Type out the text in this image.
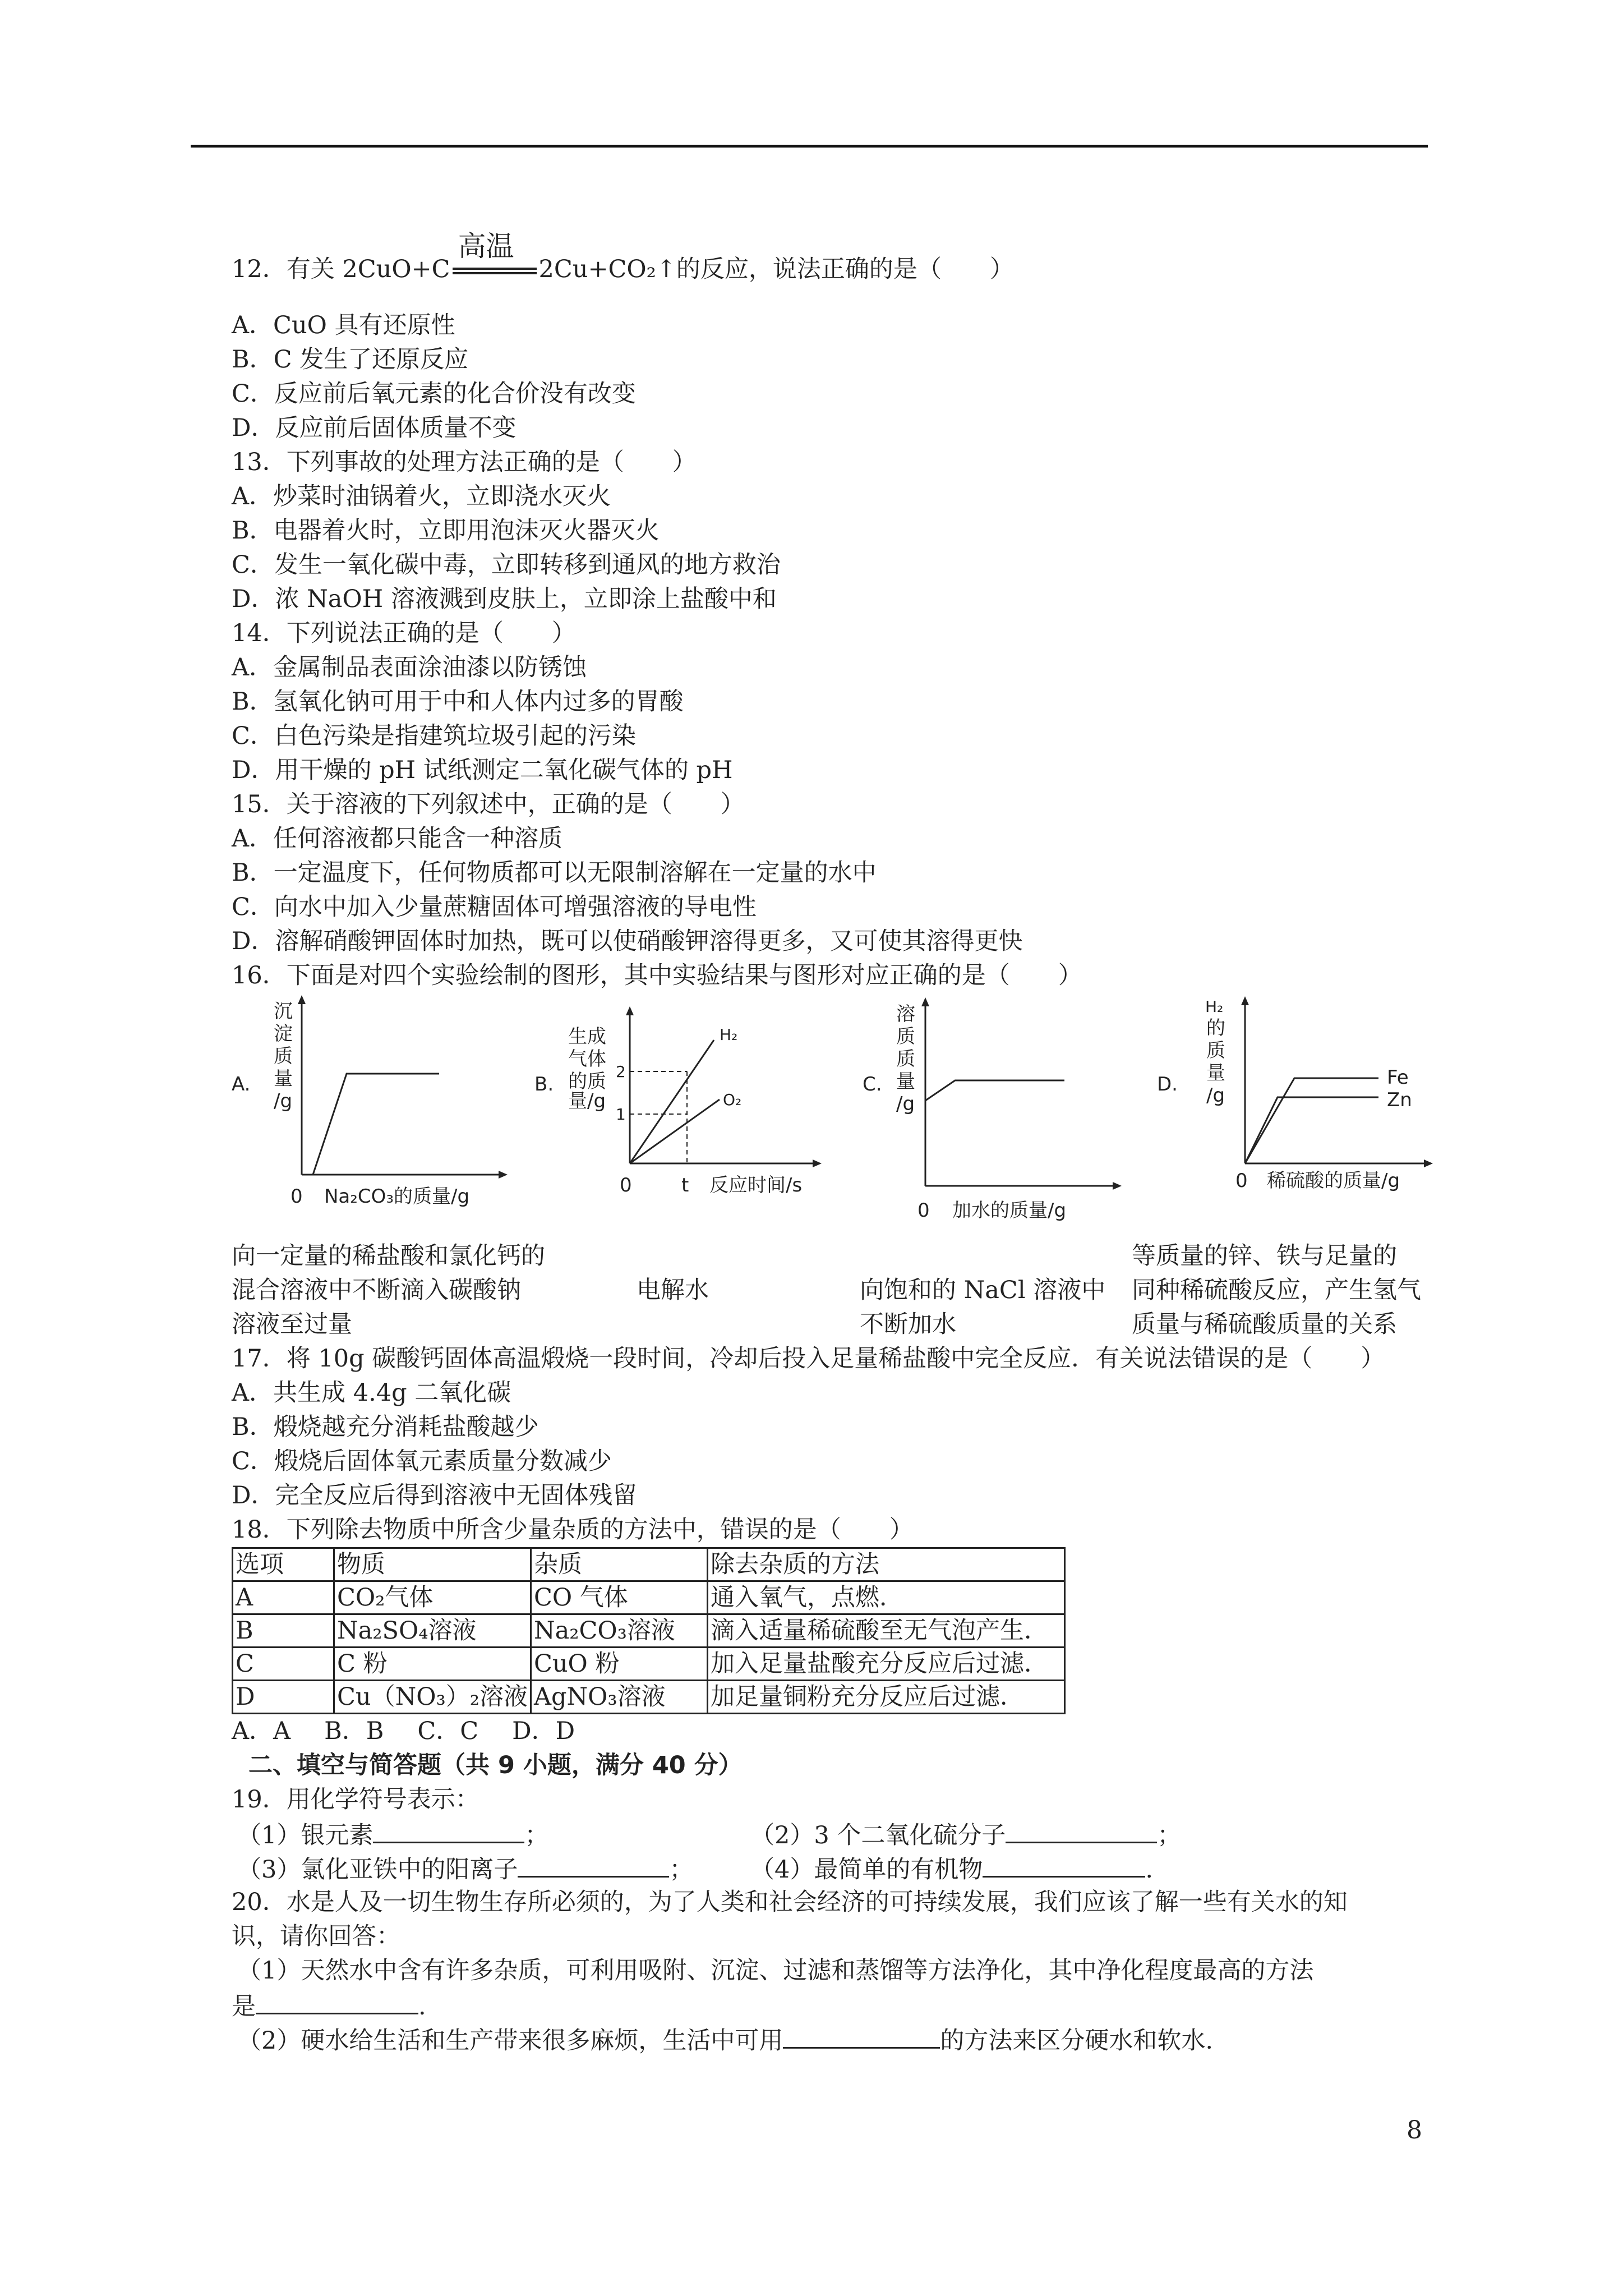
12．有关 2CuO+C
高温
2Cu+CO₂↑的反应，说法正确的是（　　）
A．CuO 具有还原性
B．C 发生了还原反应
C．反应前后氧元素的化合价没有改变
D．反应前后固体质量不变
13．下列事故的处理方法正确的是（　　）
A．炒菜时油锅着火，立即浇水灭火
B．电器着火时，立即用泡沫灭火器灭火
C．发生一氧化碳中毒，立即转移到通风的地方救治
D．浓 NaOH 溶液溅到皮肤上，立即涂上盐酸中和
14．下列说法正确的是（　　）
A．金属制品表面涂油漆以防锈蚀
B．氢氧化钠可用于中和人体内过多的胃酸
C．白色污染是指建筑垃圾引起的污染
D．用干燥的 pH 试纸测定二氧化碳气体的 pH
15．关于溶液的下列叙述中，正确的是（　　）
A．任何溶液都只能含一种溶质
B．一定温度下，任何物质都可以无限制溶解在一定量的水中
C．向水中加入少量蔗糖固体可增强溶液的导电性
D．溶解硝酸钾固体时加热，既可以使硝酸钾溶得更多，又可使其溶得更快
16．下面是对四个实验绘制的图形，其中实验结果与图形对应正确的是（　　）
A.
沉
淀
质
量
/g
0 Na₂CO₃的质量/g
B.
生成
气体
的质
量/g
2
1
H₂
O₂
0	t 反应时间/s
C.
溶
质
质
量
/g
0 加水的质量/g
D.
H₂
的
质
量
/g
Fe
Zn
0 稀硫酸的质量/g
向一定量的稀盐酸和氯化钙的
混合溶液中不断滴入碳酸钠
溶液至过量
电解水	向饱和的 NaCl 溶液中
不断加水
等质量的锌、铁与足量的
同种稀硫酸反应，产生氢气
质量与稀硫酸质量的关系
17．将 10g 碳酸钙固体高温煅烧一段时间，冷却后投入足量稀盐酸中完全反应．有关说法错误的是（　　）
A．共生成 4.4g 二氧化碳
B．煅烧越充分消耗盐酸越少
C．煅烧后固体氧元素质量分数减少
D．完全反应后得到溶液中无固体残留
18．下列除去物质中所含少量杂质的方法中，错误的是（　　）
选项	物质	杂质	除去杂质的方法
A	CO₂气体	CO 气体	通入氧气，点燃．
B	Na₂SO₄溶液	Na₂CO₃溶液	滴入适量稀硫酸至无气泡产生．
C	C 粉	CuO 粉	加入足量盐酸充分反应后过滤．
D	Cu（NO₃）₂溶液	AgNO₃溶液	加足量铜粉充分反应后过滤．
A．A B．B C．C D．D
二、填空与简答题（共 9 小题，满分 40 分）
19．用化学符号表示：
（1）银元素	；	（2）3 个二氧化硫分子	；
（3）氯化亚铁中的阳离子	； （4）最简单的有机物	.
20．水是人及一切生物生存所必须的，为了人类和社会经济的可持续发展，我们应该了解一些有关水的知
识，请你回答：
（1）天然水中含有许多杂质，可利用吸附、沉淀、过滤和蒸馏等方法净化，其中净化程度最高的方法
是	.
（2）硬水给生活和生产带来很多麻烦，生活中可用	的方法来区分硬水和软水.
8
